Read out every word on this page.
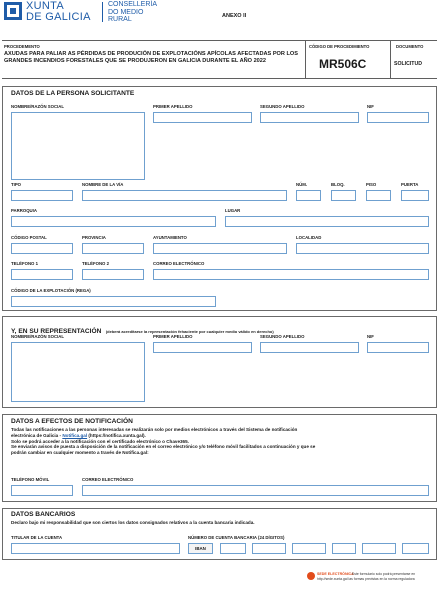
XUNTA
DE GALICIA
CONSELLERÍA
DO MEDIO
RURAL
ANEXO II
PROCEDEMENTO
AXUDAS PARA PALIAR AS PÉRDIDAS DE PRODUCIÓN DE EXPLOTACIÓNS APÍCOLAS AFECTADAS POR LOS GRANDES INCENDIOS FORESTALES QUE SE PRODUJERON EN GALICIA DURANTE EL AÑO 2022
CÓDIGO DE PROCEDIMIENTO
MR506C
DOCUMENTO
SOLICITUD
DATOS DE LA PERSONA SOLICITANTE
NOMBRE/RAZÓN SOCIAL	PRIMER APELLIDO	SEGUNDO APELLIDO	NIF
TIPO	NOMBRE DE LA VÍA	NÚM.	BLOQ.	PISO	PUERTA
PARROQUIA	LUGAR
CÓDIGO POSTAL	PROVINCIA	AYUNTAMIENTO	LOCALIDAD
TELÉFONO 1	TELÉFONO 2	CORREO ELECTRÓNICO
CÓDIGO DE LA EXPLOTACIÓN (REGA)
Y, EN SU REPRESENTACIÓN (deberá acreditarse la representación fehaciente por cualquier medio válido en derecho)
NOMBRE/RAZÓN SOCIAL	PRIMER APELLIDO	SEGUNDO APELLIDO	NIF
DATOS A EFECTOS DE NOTIFICACIÓN
Todas las notificaciones a las personas interesadas se realizarán solo por medios electrónicos a través del Sistema de notificación
electrónica de Galicia - Notifica.gal (https://notifica.xunta.gal).
Solo se podrá acceder a la notificación con el certificado electrónico o Chave365.
Se enviarán avisos de puesta a disposición de la notificación en el correo electrónico y/o teléfono móvil facilitados a continuación y que se
podrán cambiar en cualquier momento a través de Notifica.gal:
TELÉFONO MÓVIL	CORREO ELECTRÓNICO
DATOS BANCARIOS
Declaro bajo mi responsabilidad que son ciertos los datos consignados relativos a la cuenta bancaria indicada.
TITULAR DE LA CUENTA	NÚMERO DE CUENTA BANCARIA (24 DÍGITOS)
IBAN
SEDE ELECTRÓNICA
Este formulario solo podrá presentarse en
http://sede.xunta.gal las formas previstas en la norma reguladora
